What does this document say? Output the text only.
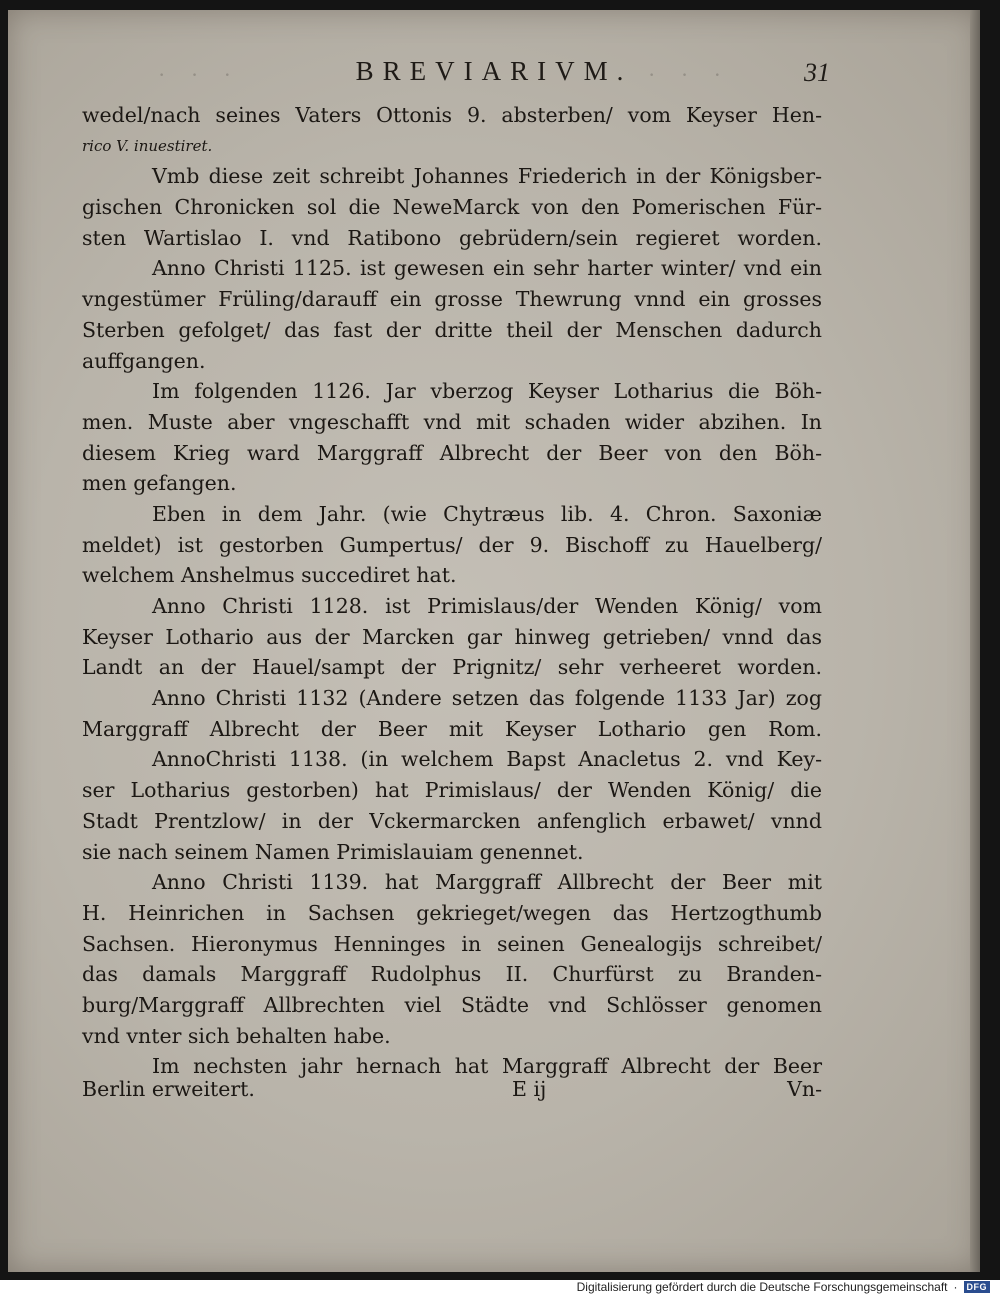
· · ·	· · ·
BREVIARIVM.	31
wedel/nach seines Vaters Ottonis 9. absterben/ vom Keyser Hen-
rico V. inuestiret.
Vmb diese zeit schreibt Johannes Friederich in der Königsber-
gischen Chronicken sol die NeweMarck von den Pomerischen Für-
sten Wartislao I. vnd Ratibono gebrüdern/sein regieret worden.
Anno Christi 1125. ist gewesen ein sehr harter winter/ vnd ein
vngestümer Früling/darauff ein grosse Thewrung vnnd ein grosses
Sterben gefolget/ das fast der dritte theil der Menschen dadurch
auffgangen.
Im folgenden 1126. Jar vberzog Keyser Lotharius die Böh-
men. Muste aber vngeschafft vnd mit schaden wider abzihen. In
diesem Krieg ward Marggraff Albrecht der Beer von den Böh-
men gefangen.
Eben in dem Jahr. (wie Chytræus lib. 4. Chron. Saxoniæ
meldet) ist gestorben Gumpertus/ der 9. Bischoff zu Hauelberg/
welchem Anshelmus succediret hat.
Anno Christi 1128. ist Primislaus/der Wenden König/ vom
Keyser Lothario aus der Marcken gar hinweg getrieben/ vnnd das
Landt an der Hauel/sampt der Prignitz/ sehr verheeret worden.
Anno Christi 1132 (Andere setzen das folgende 1133 Jar) zog
Marggraff Albrecht der Beer mit Keyser Lothario gen Rom.
AnnoChristi 1138. (in welchem Bapst Anacletus 2. vnd Key-
ser Lotharius gestorben) hat Primislaus/ der Wenden König/ die
Stadt Prentzlow/ in der Vckermarcken anfenglich erbawet/ vnnd
sie nach seinem Namen Primislauiam genennet.
Anno Christi 1139. hat Marggraff Allbrecht der Beer mit
H. Heinrichen in Sachsen gekrieget/wegen das Hertzogthumb
Sachsen. Hieronymus Henninges in seinen Genealogijs schreibet/
das damals Marggraff Rudolphus II. Churfürst zu Branden-
burg/Marggraff Allbrechten viel Städte vnd Schlösser genomen
vnd vnter sich behalten habe.
Im nechsten jahr hernach hat Marggraff Albrecht der Beer
Berlin erweitert.	E ij	Vn-
Digitalisierung gefördert durch die Deutsche Forschungsgemeinschaft ·	DFG
